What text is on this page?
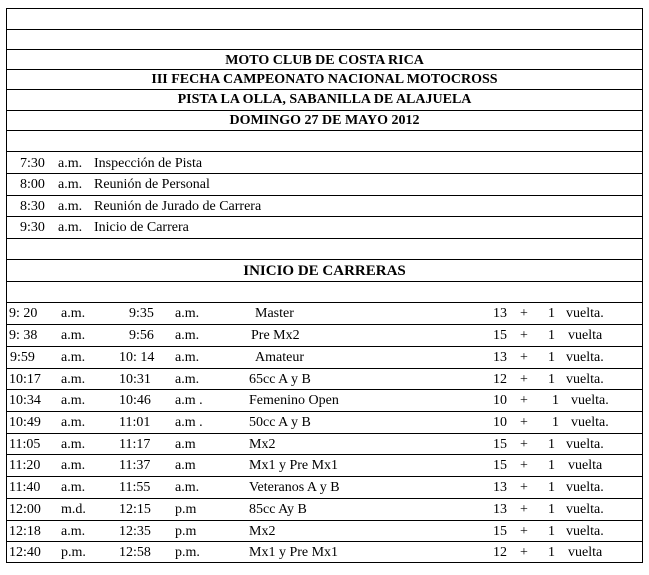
MOTO CLUB DE COSTA RICA
III FECHA CAMPEONATO NACIONAL MOTOCROSS
PISTA LA OLLA, SABANILLA DE ALAJUELA
DOMINGO 27 DE MAYO 2012
7:30 a.m. Inspección de Pista
8:00 a.m. Reunión de Personal
8:30 a.m. Reunión de Jurado de Carrera
9:30 a.m. Inicio de Carrera
INICIO DE CARRERAS
9: 20 a.m.	9:35 a.m.	Master	13 + 1 vuelta.
9: 38 a.m.	9:56 a.m.	Pre Mx2	15 + 1 vuelta
9:59 a.m. 10: 14 a.m.	Amateur	13 + 1 vuelta.
10:17 a.m. 10:31 a.m.	65cc A y B	12 + 1 vuelta.
10:34 a.m. 10:46 a.m .	Femenino Open	10 + 1 vuelta.
10:49 a.m. 11:01 a.m .	50cc A y B	10 + 1 vuelta.
11:05 a.m. 11:17 a.m	Mx2	15 + 1 vuelta.
11:20 a.m. 11:37 a.m	Mx1 y Pre Mx1	15 + 1 vuelta
11:40 a.m. 11:55 a.m.	Veteranos A y B	13 + 1 vuelta.
12:00 m.d. 12:15 p.m	85cc Ay B	13 + 1 vuelta.
12:18 a.m. 12:35 p.m	Mx2	15 + 1 vuelta.
12:40 p.m. 12:58 p.m.	Mx1 y Pre Mx1	12 + 1 vuelta
